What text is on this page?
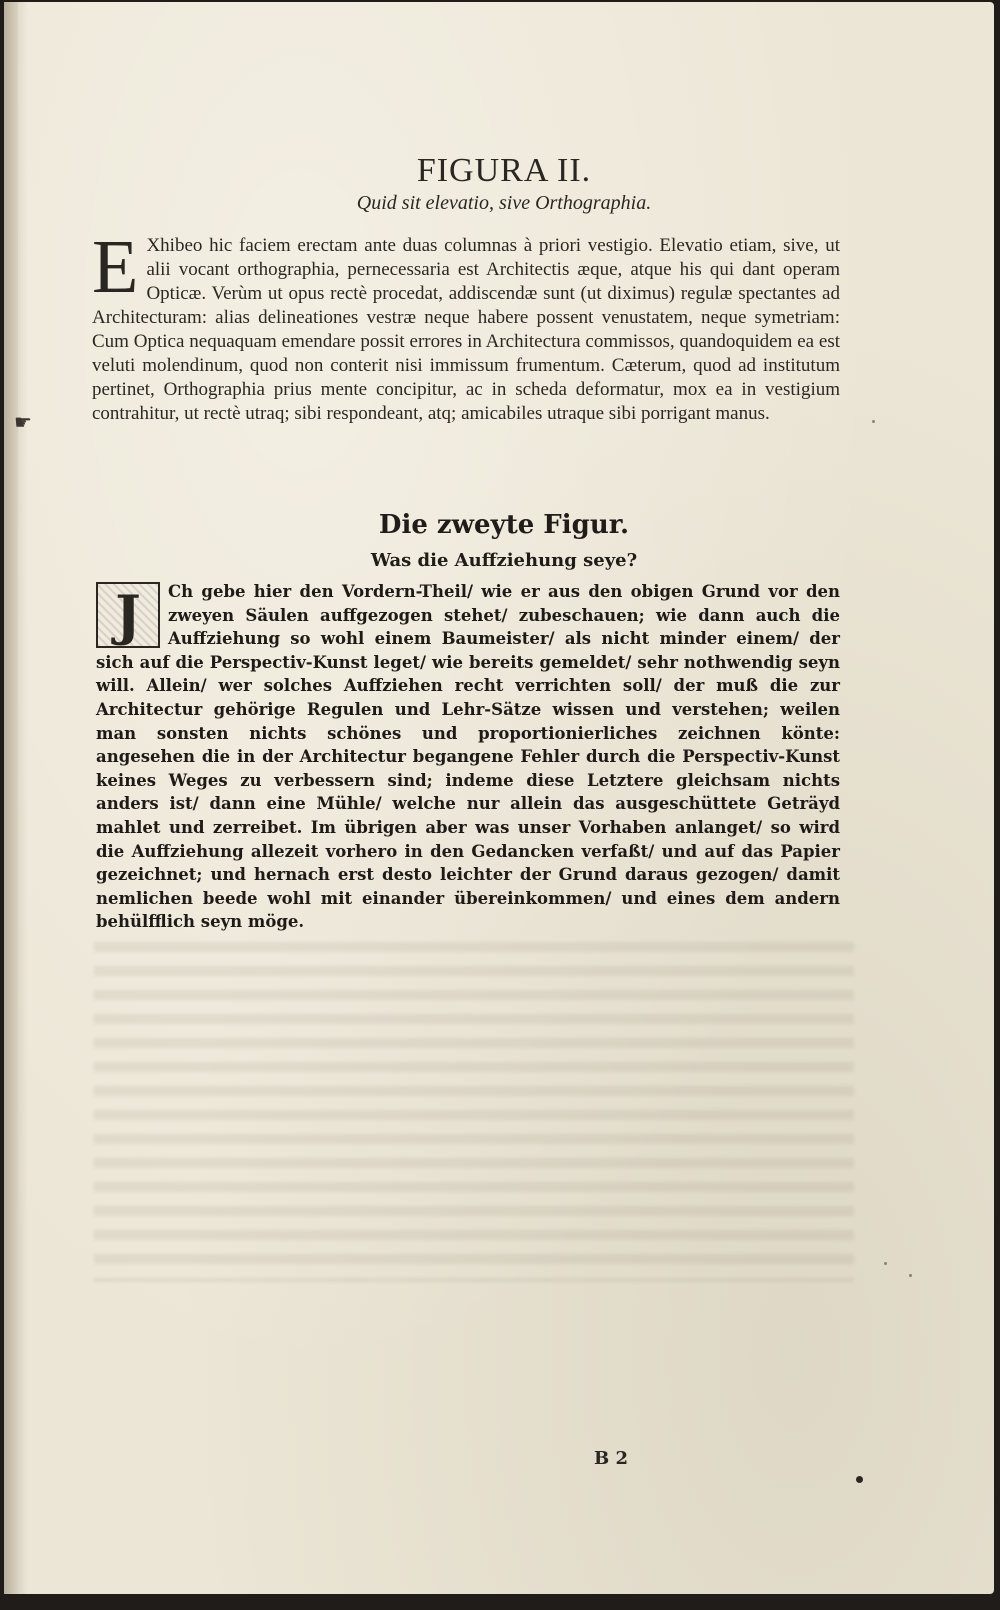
☛
FIGURA II.
Quid sit elevatio, sive Orthographia.
E Xhibeo hic faciem erectam ante duas columnas à priori vestigio. Elevatio etiam, sive, ut alii vocant orthographia, pernecessaria est Architectis æque, atque his qui dant operam Opticæ. Verùm ut opus rectè procedat, addiscendæ sunt (ut diximus) regulæ spectantes ad Architecturam: alias delineationes vestræ neque habere possent venustatem, neque symetriam: Cum Optica nequaquam emendare possit errores in Architectura commissos, quandoquidem ea est veluti molendinum, quod non conterit nisi immissum frumentum. Cæterum, quod ad institutum pertinet, Orthographia prius mente concipitur, ac in scheda deformatur, mox ea in vestigium contrahitur, ut rectè utraq; sibi respondeant, atq; amicabiles utraque sibi porrigant manus.
Die zweyte Figur.
Was die Auffziehung seye?
J	Ch gebe hier den Vordern-Theil/ wie er aus den obigen Grund vor den zweyen Säulen auffgezogen stehet/ zubeschauen; wie dann auch die Auffziehung so wohl einem Baumeister/ als nicht minder einem/ der sich auf die Perspectiv-Kunst leget/ wie bereits gemeldet/ sehr nothwendig seyn will. Allein/ wer solches Auffziehen recht verrichten soll/ der muß die zur Architectur gehörige Regulen und Lehr-Sätze wissen und verstehen; weilen man sonsten nichts schönes und proportionierliches zeichnen könte: angesehen die in der Architectur begangene Fehler durch die Perspectiv-Kunst keines Weges zu verbessern sind; indeme diese Letztere gleichsam nichts anders ist/ dann eine Mühle/ welche nur allein das ausgeschüttete Geträyd mahlet und zerreibet. Im übrigen aber was unser Vorhaben anlanget/ so wird die Auffziehung allezeit vorhero in den Gedancken verfaßt/ und auf das Papier gezeichnet; und hernach erst desto leichter der Grund daraus gezogen/ damit nemlichen beede wohl mit einander übereinkommen/ und eines dem andern behülfflich seyn möge.
B 2
